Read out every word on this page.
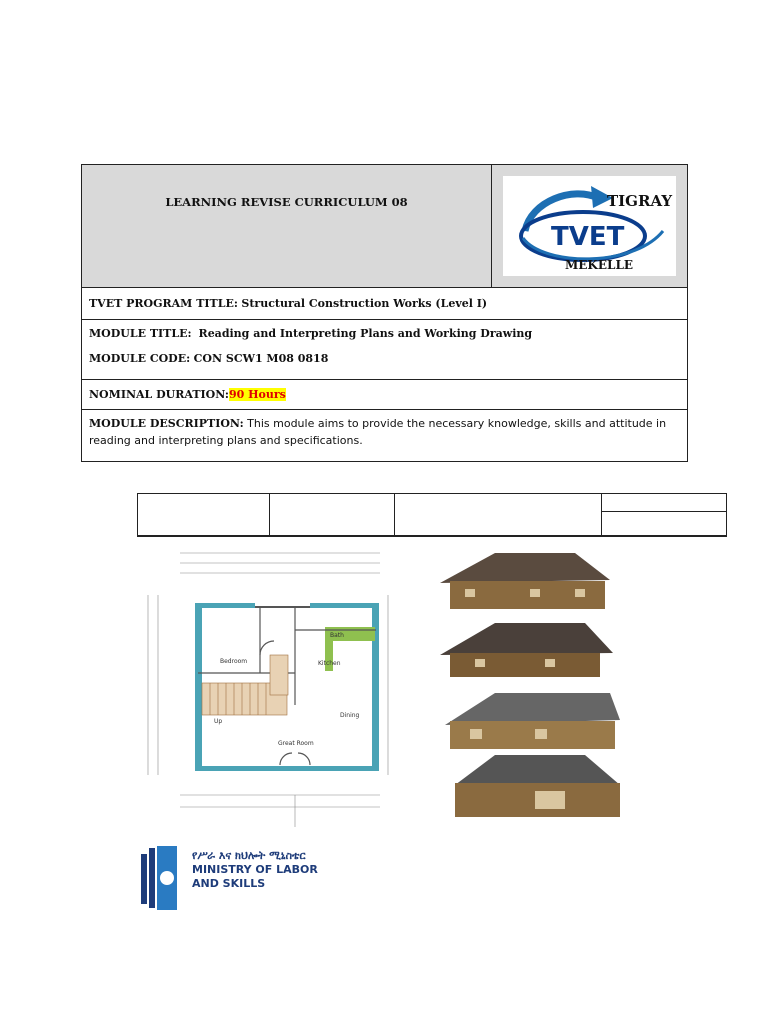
LEARNING REVISE CURRICULUM 08	TIGRAY
TVET
MEKELLE
TVET PROGRAM TITLE:
Structural Construction Works (Level I)
MODULE TITLE: Reading and Interpreting Plans and Working Drawing
MODULE CODE: CON SCW1 M08 0818
NOMINAL DURATION: 90 Hours
MODULE DESCRIPTION: This module aims to provide the necessary knowledge, skills and attitude in reading and interpreting plans and specifications.
Bedroom
Bath
Kitchen
Up
Dining
Great Room
የሥራ እና ክህሎት ሚኒስቴር
MINISTRY OF LABOR
AND SKILLS
